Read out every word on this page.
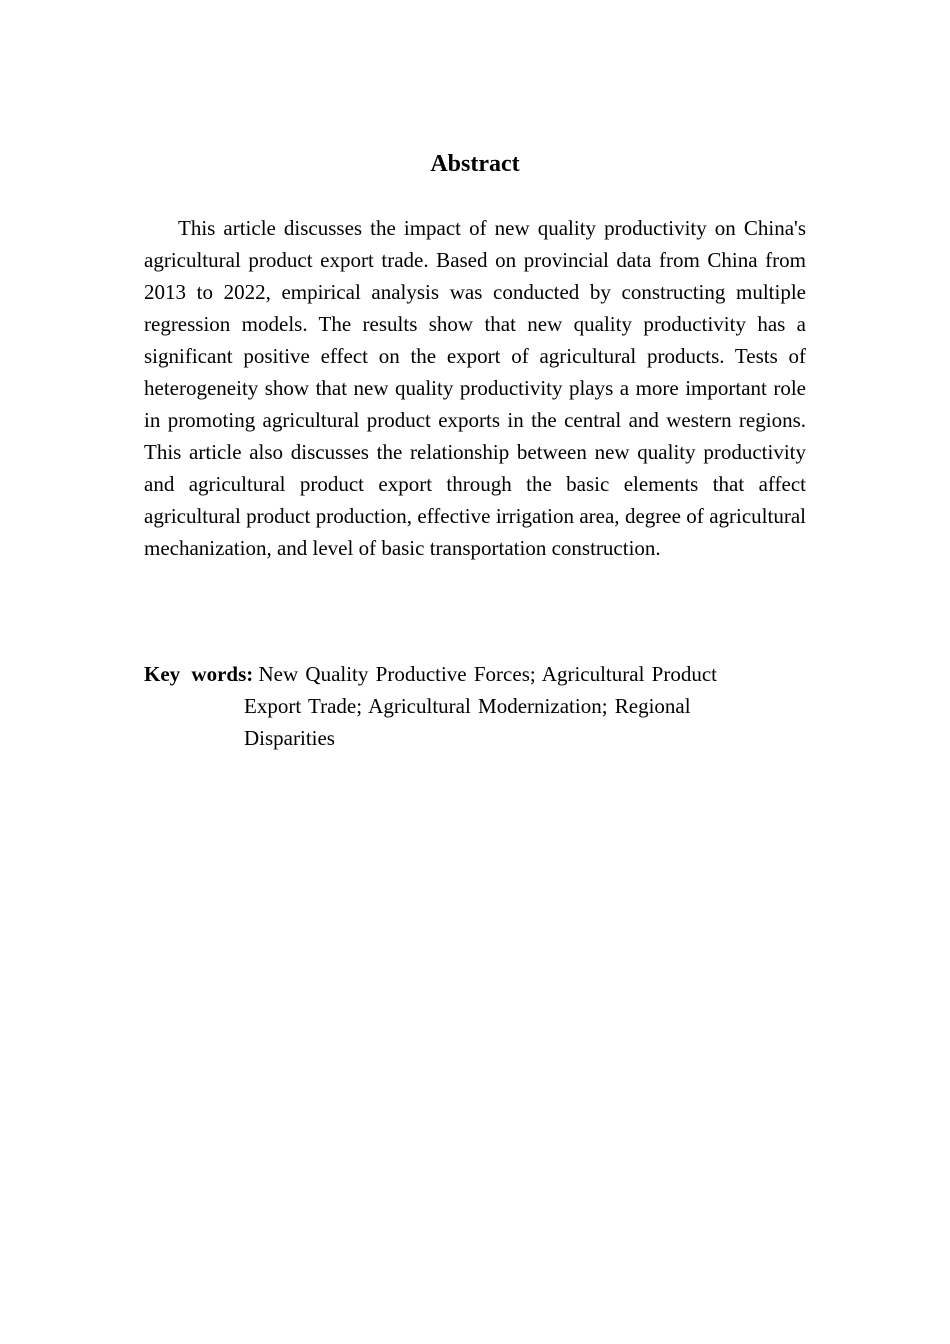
Abstract

This article discusses the impact of new quality productivity on China's agricultural product export trade. Based on provincial data from China from 2013 to 2022, empirical analysis was conducted by constructing multiple regression models. The results show that new quality productivity has a significant positive effect on the export of agricultural products. Tests of heterogeneity show that new quality productivity plays a more important role in promoting agricultural product exports in the central and western regions. This article also discusses the relationship between new quality productivity and agricultural product export through the basic elements that affect agricultural product production, effective irrigation area, degree of agricultural mechanization, and level of basic transportation construction.

Key words: New Quality Productive Forces; Agricultural Product Export Trade; Agricultural Modernization; Regional Disparities
